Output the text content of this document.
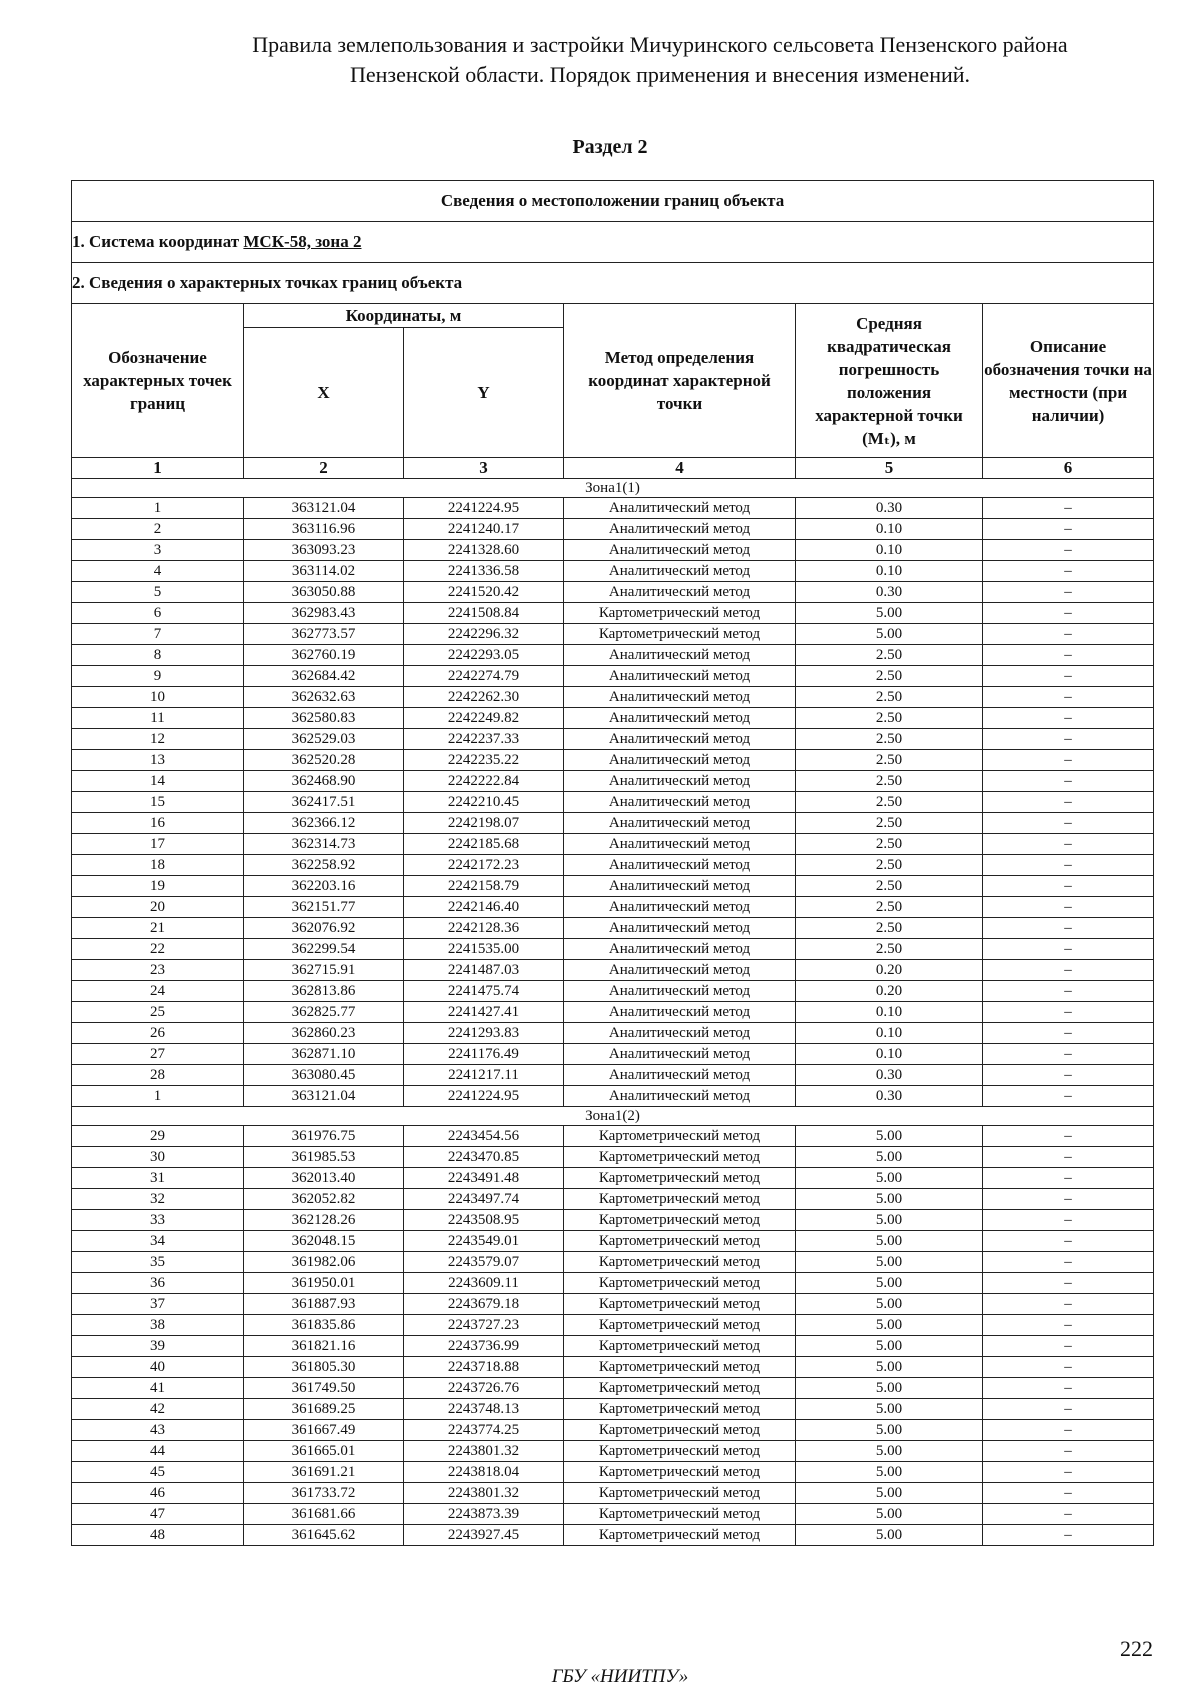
Правила землепользования и застройки Мичуринского сельсовета Пензенского района
Пензенской области. Порядок применения и внесения изменений.
Раздел 2
Сведения о местоположении границ объекта					
1. Система координат МСК-58, зона 2					
2. Сведения о характерных точках границ объекта					
Обозначение характерных точек границ	Координаты, м		Метод определения координат характерной точки	Средняя квадратическая погрешность положения характерной точки (Mₜ), м	Описание обозначения точки на местности (при наличии)
	X	Y			
1	2	3	4	5	6
Зона1(1)					
1	363121.04	2241224.95	Аналитический метод	0.30	–
2	363116.96	2241240.17	Аналитический метод	0.10	–
3	363093.23	2241328.60	Аналитический метод	0.10	–
4	363114.02	2241336.58	Аналитический метод	0.10	–
5	363050.88	2241520.42	Аналитический метод	0.30	–
6	362983.43	2241508.84	Картометрический метод	5.00	–
7	362773.57	2242296.32	Картометрический метод	5.00	–
8	362760.19	2242293.05	Аналитический метод	2.50	–
9	362684.42	2242274.79	Аналитический метод	2.50	–
10	362632.63	2242262.30	Аналитический метод	2.50	–
11	362580.83	2242249.82	Аналитический метод	2.50	–
12	362529.03	2242237.33	Аналитический метод	2.50	–
13	362520.28	2242235.22	Аналитический метод	2.50	–
14	362468.90	2242222.84	Аналитический метод	2.50	–
15	362417.51	2242210.45	Аналитический метод	2.50	–
16	362366.12	2242198.07	Аналитический метод	2.50	–
17	362314.73	2242185.68	Аналитический метод	2.50	–
18	362258.92	2242172.23	Аналитический метод	2.50	–
19	362203.16	2242158.79	Аналитический метод	2.50	–
20	362151.77	2242146.40	Аналитический метод	2.50	–
21	362076.92	2242128.36	Аналитический метод	2.50	–
22	362299.54	2241535.00	Аналитический метод	2.50	–
23	362715.91	2241487.03	Аналитический метод	0.20	–
24	362813.86	2241475.74	Аналитический метод	0.20	–
25	362825.77	2241427.41	Аналитический метод	0.10	–
26	362860.23	2241293.83	Аналитический метод	0.10	–
27	362871.10	2241176.49	Аналитический метод	0.10	–
28	363080.45	2241217.11	Аналитический метод	0.30	–
1	363121.04	2241224.95	Аналитический метод	0.30	–
Зона1(2)					
29	361976.75	2243454.56	Картометрический метод	5.00	–
30	361985.53	2243470.85	Картометрический метод	5.00	–
31	362013.40	2243491.48	Картометрический метод	5.00	–
32	362052.82	2243497.74	Картометрический метод	5.00	–
33	362128.26	2243508.95	Картометрический метод	5.00	–
34	362048.15	2243549.01	Картометрический метод	5.00	–
35	361982.06	2243579.07	Картометрический метод	5.00	–
36	361950.01	2243609.11	Картометрический метод	5.00	–
37	361887.93	2243679.18	Картометрический метод	5.00	–
38	361835.86	2243727.23	Картометрический метод	5.00	–
39	361821.16	2243736.99	Картометрический метод	5.00	–
40	361805.30	2243718.88	Картометрический метод	5.00	–
41	361749.50	2243726.76	Картометрический метод	5.00	–
42	361689.25	2243748.13	Картометрический метод	5.00	–
43	361667.49	2243774.25	Картометрический метод	5.00	–
44	361665.01	2243801.32	Картометрический метод	5.00	–
45	361691.21	2243818.04	Картометрический метод	5.00	–
46	361733.72	2243801.32	Картометрический метод	5.00	–
47	361681.66	2243873.39	Картометрический метод	5.00	–
48	361645.62	2243927.45	Картометрический метод	5.00	–
222
ГБУ «НИИТПУ»
